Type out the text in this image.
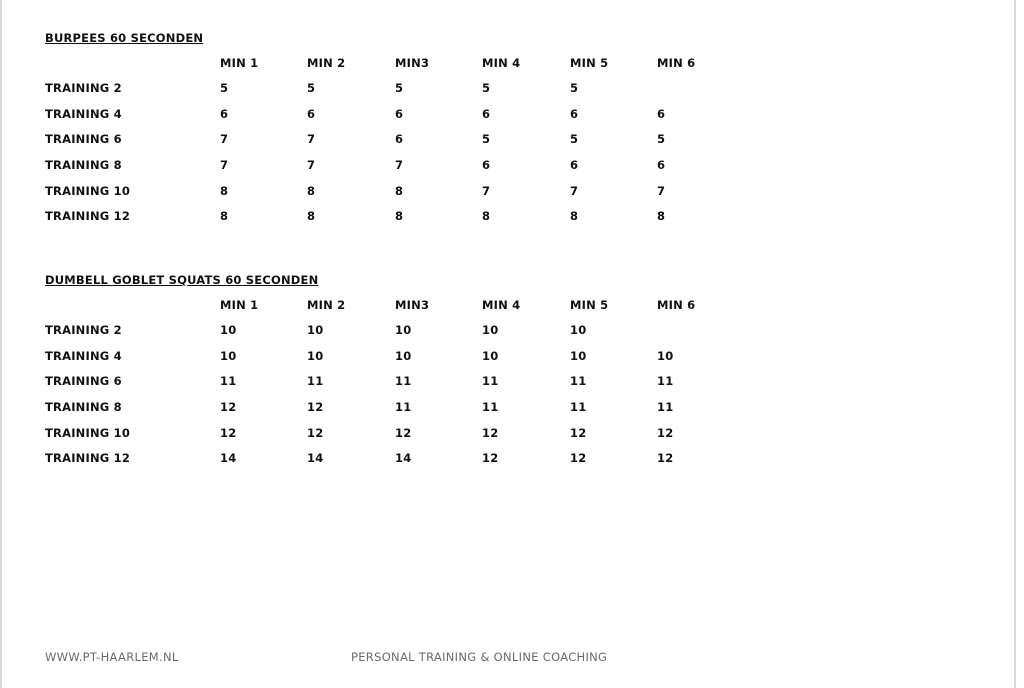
BURPEES 60 SECONDEN
MIN 1	MIN 2	MIN3	MIN 4	MIN 5	MIN 6
TRAINING 2	5	5	5	5	5
TRAINING 4	6	6	6	6	6	6
TRAINING 6	7	7	6	5	5	5
TRAINING 8	7	7	7	6	6	6
TRAINING 10	8	8	8	7	7	7
TRAINING 12	8	8	8	8	8	8
DUMBELL GOBLET SQUATS 60 SECONDEN
MIN 1	MIN 2	MIN3	MIN 4	MIN 5	MIN 6
TRAINING 2	10	10	10	10	10
TRAINING 4	10	10	10	10	10	10
TRAINING 6	11	11	11	11	11	11
TRAINING 8	12	12	11	11	11	11
TRAINING 10	12	12	12	12	12	12
TRAINING 12	14	14	14	12	12	12
WWW.PT-HAARLEM.NL	PERSONAL TRAINING & ONLINE COACHING
